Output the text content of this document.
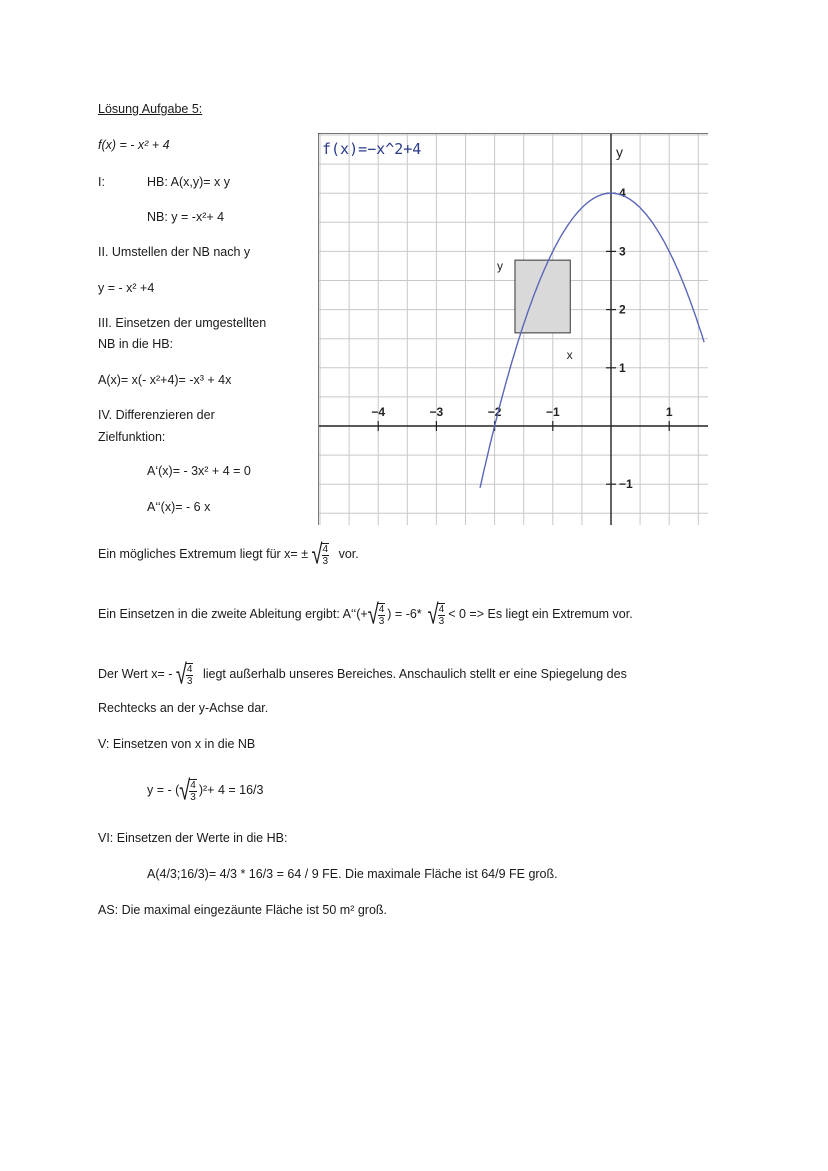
Lösung Aufgabe 5:
f(x) = - x² + 4
I:	HB: A(x,y)= x y
NB: y = -x²+ 4
II. Umstellen der NB nach y
y = - x² +4
III. Einsetzen der umgestellten
NB in die HB:
A(x)= x(- x²+4)= -x³ + 4x
IV. Differenzieren der
Zielfunktion:
A‘(x)= - 3x² + 4 = 0
A‘‘(x)= - 6 x
Ein mögliches Extremum liegt für x= ± √ 4
3
vor.
Ein Einsetzen in die zweite Ableitung ergibt: A‘‘(+ √ 4
3
) = -6* √ 4
3
< 0 => Es liegt ein Extremum vor.
Der Wert x= - √ 4
3
liegt außerhalb unseres Bereiches. Anschaulich stellt er eine Spiegelung des
Rechtecks an der y-Achse dar.
V: Einsetzen von x in die NB
y = - ( √ 4
3
)²+ 4 = 16/3
VI: Einsetzen der Werte in die HB:
A(4/3;16/3)= 4/3 * 16/3 = 64 / 9 FE. Die maximale Fläche ist 64/9 FE groß.
AS: Die maximal eingezäunte Fläche ist 50 m² groß.
−4	−3	−2	−1	1
4
3
2
1
−1
y
f(x)=−x^2+4
x
y
